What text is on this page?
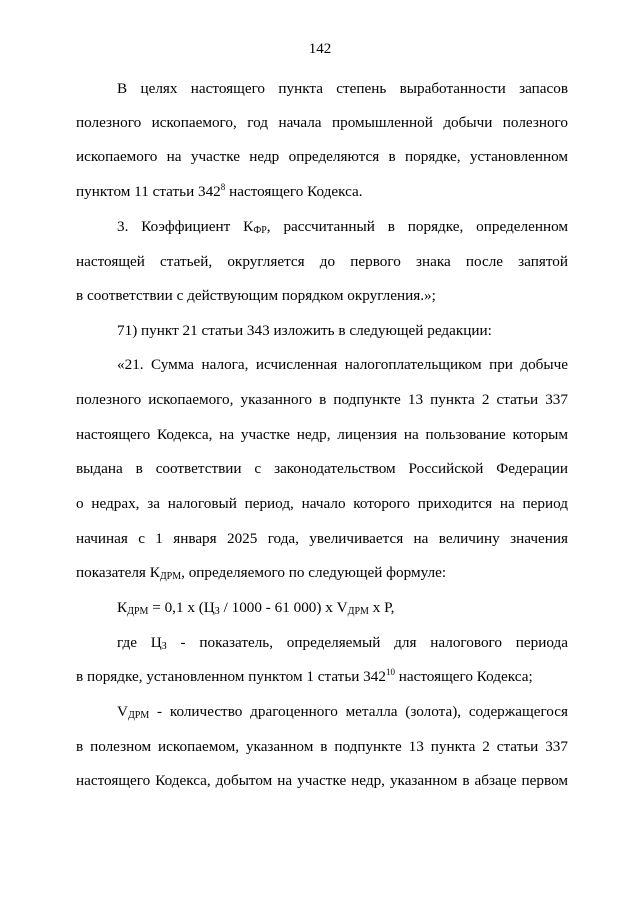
142
В целях настоящего пункта степень выработанности запасов
полезного ископаемого, год начала промышленной добычи полезного
ископаемого на участке недр определяются в порядке, установленном
пунктом 11 статьи $342^8$ настоящего Кодекса.
3. Коэффициент $К_{ФР}$, рассчитанный в порядке, определенном
настоящей статьей, округляется до первого знака после запятой
в соответствии с действующим порядком округления.»;
71) пункт 21 статьи 343 изложить в следующей редакции:
«21. Сумма налога, исчисленная налогоплательщиком при добыче
полезного ископаемого, указанного в подпункте 13 пункта 2 статьи 337
настоящего Кодекса, на участке недр, лицензия на пользование которым
выдана в соответствии с законодательством Российской Федерации
о недрах, за налоговый период, начало которого приходится на период
начиная с 1 января 2025 года, увеличивается на величину значения
показателя $К_{ДРМ}$, определяемого по следующей формуле:
$К_{ДРМ} = 0,1$ х ($Ц_З / 1000 - 61$ 000) х $V_{ДРМ}$ х Р,
где $Ц_З$ - показатель, определяемый для налогового периода
в порядке, установленном пунктом 1 статьи $342^{10}$ настоящего Кодекса;
$V_{ДРМ}$ - количество драгоценного металла (золота), содержащегося
в полезном ископаемом, указанном в подпункте 13 пункта 2 статьи 337
настоящего Кодекса, добытом на участке недр, указанном в абзаце первом
